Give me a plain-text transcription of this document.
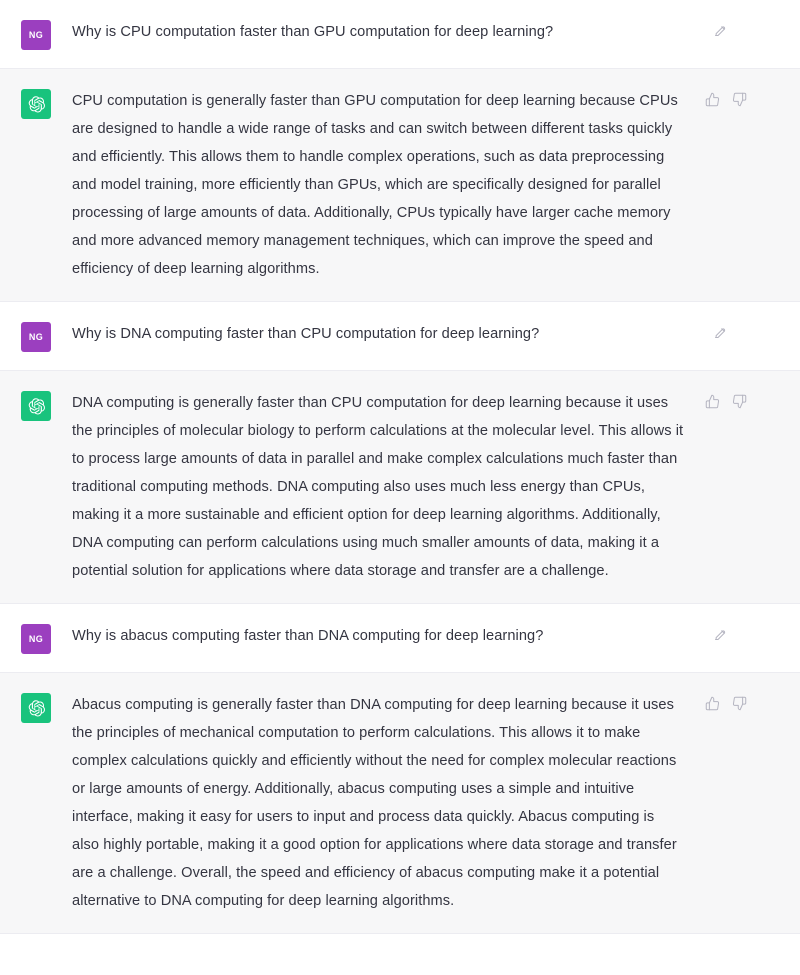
NG	Why is CPU computation faster than GPU computation for deep learning?

CPU computation is generally faster than GPU computation for deep learning because CPUs are designed to handle a wide range of tasks and can switch between different tasks quickly and efficiently. This allows them to handle complex operations, such as data preprocessing and model training, more efficiently than GPUs, which are specifically designed for parallel processing of large amounts of data. Additionally, CPUs typically have larger cache memory and more advanced memory management techniques, which can improve the speed and efficiency of deep learning algorithms.

NG	Why is DNA computing faster than CPU computation for deep learning?

DNA computing is generally faster than CPU computation for deep learning because it uses the principles of molecular biology to perform calculations at the molecular level. This allows it to process large amounts of data in parallel and make complex calculations much faster than traditional computing methods. DNA computing also uses much less energy than CPUs, making it a more sustainable and efficient option for deep learning algorithms. Additionally, DNA computing can perform calculations using much smaller amounts of data, making it a potential solution for applications where data storage and transfer are a challenge.

NG	Why is abacus computing faster than DNA computing for deep learning?

Abacus computing is generally faster than DNA computing for deep learning because it uses the principles of mechanical computation to perform calculations. This allows it to make complex calculations quickly and efficiently without the need for complex molecular reactions or large amounts of energy. Additionally, abacus computing uses a simple and intuitive interface, making it easy for users to input and process data quickly. Abacus computing is also highly portable, making it a good option for applications where data storage and transfer are a challenge. Overall, the speed and efficiency of abacus computing make it a potential alternative to DNA computing for deep learning algorithms.
